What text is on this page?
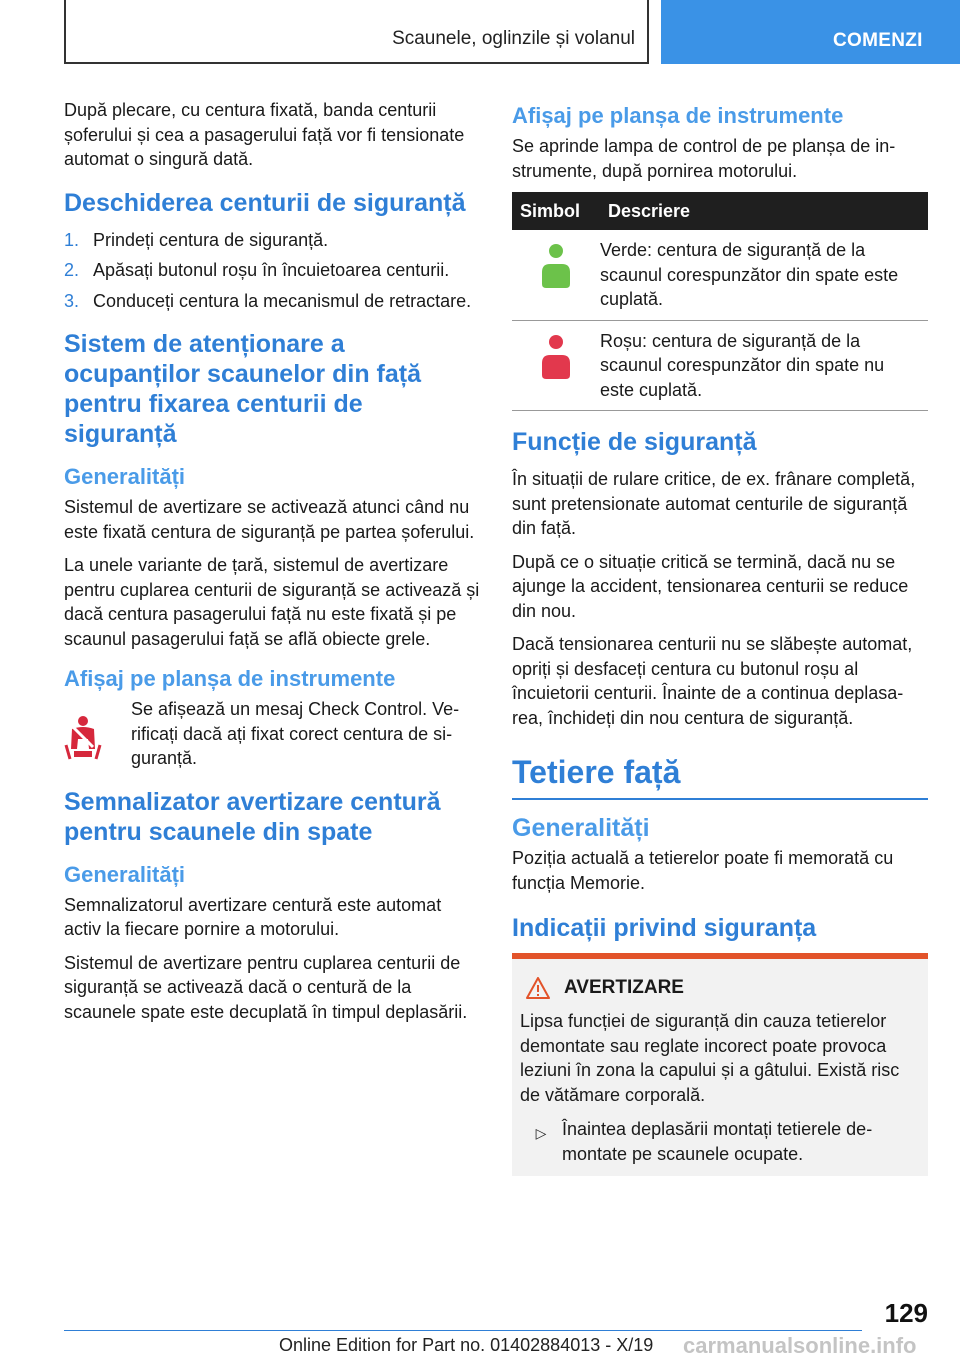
Scaunele, oglinzile și volanul	COMENZI

După plecare, cu centura fixată, banda centurii șoferului și cea a pasagerului față vor fi tensionate automat o singură dată.

Deschiderea centurii de siguranță
1. Prindeți centura de siguranță.
2. Apăsați butonul roșu în încuietoarea centurii.
3. Conduceți centura la mecanismul de retractare.
Sistem de atenționare a ocupanților scaunelor din față pentru fixarea centurii de siguranță
Generalități

Sistemul de avertizare se activează atunci când nu este fixată centura de siguranță pe partea șoferului.

La unele variante de țară, sistemul de avertizare pentru cuplarea centurii de siguranță se activează și dacă centura pasagerului față nu este fixată și pe scaunul pasagerului față se află obiecte grele.

Afișaj pe planșa de instrumente

Se afișează un mesaj Check Control. Verificați dacă ați fixat corect centura de siguranță.

Semnalizator avertizare centură pentru scaunele din spate
Generalități

Semnalizatorul avertizare centură este automat activ la fiecare pornire a motorului.

Sistemul de avertizare pentru cuplarea centurii de siguranță se activează dacă o centură de la scaunele spate este decuplată în timpul deplasării.

Afișaj pe planșa de instrumente

Se aprinde lampa de control de pe planșa de instrumente, după pornirea motorului.

Simbol	Descriere
	Verde: centura de siguranță de la scaunul corespunzător din spate este cuplată.
	Roșu: centura de siguranță de la scaunul corespunzător din spate nu este cuplată.
Funcție de siguranță

În situații de rulare critice, de ex. frânare completă, sunt pretensionate automat centurile de siguranță din față.

După ce o situație critică se termină, dacă nu se ajunge la accident, tensionarea centurii se reduce din nou.

Dacă tensionarea centurii nu se slăbește automat, opriți și desfaceți centura cu butonul roșu al încuietorii centurii. Înainte de a continua deplasarea, închideți din nou centura de siguranță.

Tetiere față
Generalități

Poziția actuală a tetierelor poate fi memorată cu funcția Memorie.

Indicații privind siguranța
AVERTIZARE

Lipsa funcției de siguranță din cauza tetierelor demontate sau reglate incorect poate provoca leziuni în zona la capului și a gâtului. Există risc de vătămare corporală.

▷ Înaintea deplasării montați tetierele demontate pe scaunele ocupate.
129
Online Edition for Part no. 01402884013 - X/19 carmanualsonline.info
